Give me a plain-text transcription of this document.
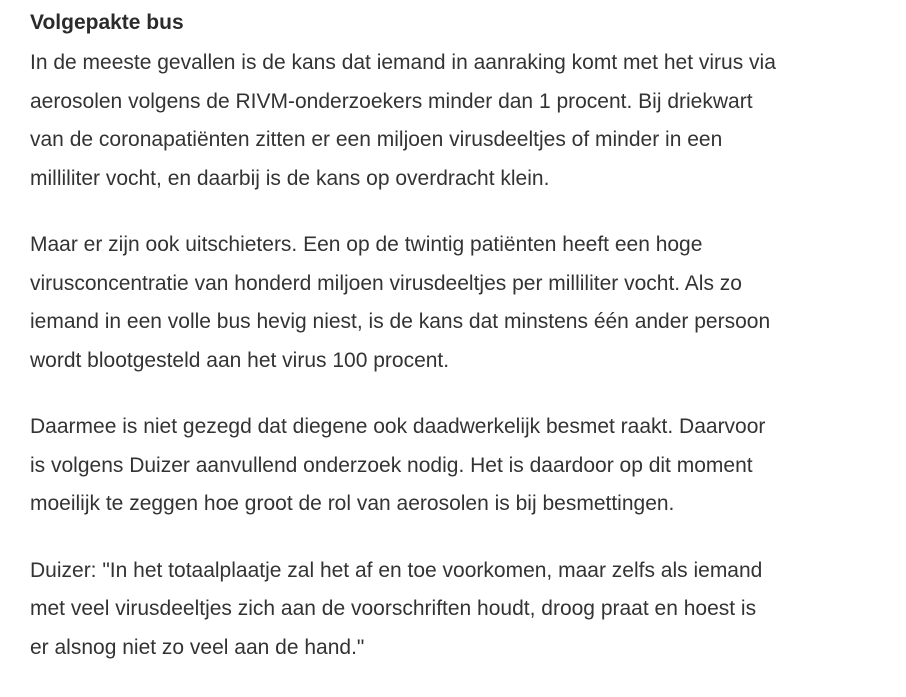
Volgepakte bus

In de meeste gevallen is de kans dat iemand in aanraking komt met het virus via
aerosolen volgens de RIVM-onderzoekers minder dan 1 procent. Bij driekwart
van de coronapatiënten zitten er een miljoen virusdeeltjes of minder in een
milliliter vocht, en daarbij is de kans op overdracht klein.

Maar er zijn ook uitschieters. Een op de twintig patiënten heeft een hoge
virusconcentratie van honderd miljoen virusdeeltjes per milliliter vocht. Als zo
iemand in een volle bus hevig niest, is de kans dat minstens één ander persoon
wordt blootgesteld aan het virus 100 procent.

Daarmee is niet gezegd dat diegene ook daadwerkelijk besmet raakt. Daarvoor
is volgens Duizer aanvullend onderzoek nodig. Het is daardoor op dit moment
moeilijk te zeggen hoe groot de rol van aerosolen is bij besmettingen.

Duizer: "In het totaalplaatje zal het af en toe voorkomen, maar zelfs als iemand
met veel virusdeeltjes zich aan de voorschriften houdt, droog praat en hoest is
er alsnog niet zo veel aan de hand."
